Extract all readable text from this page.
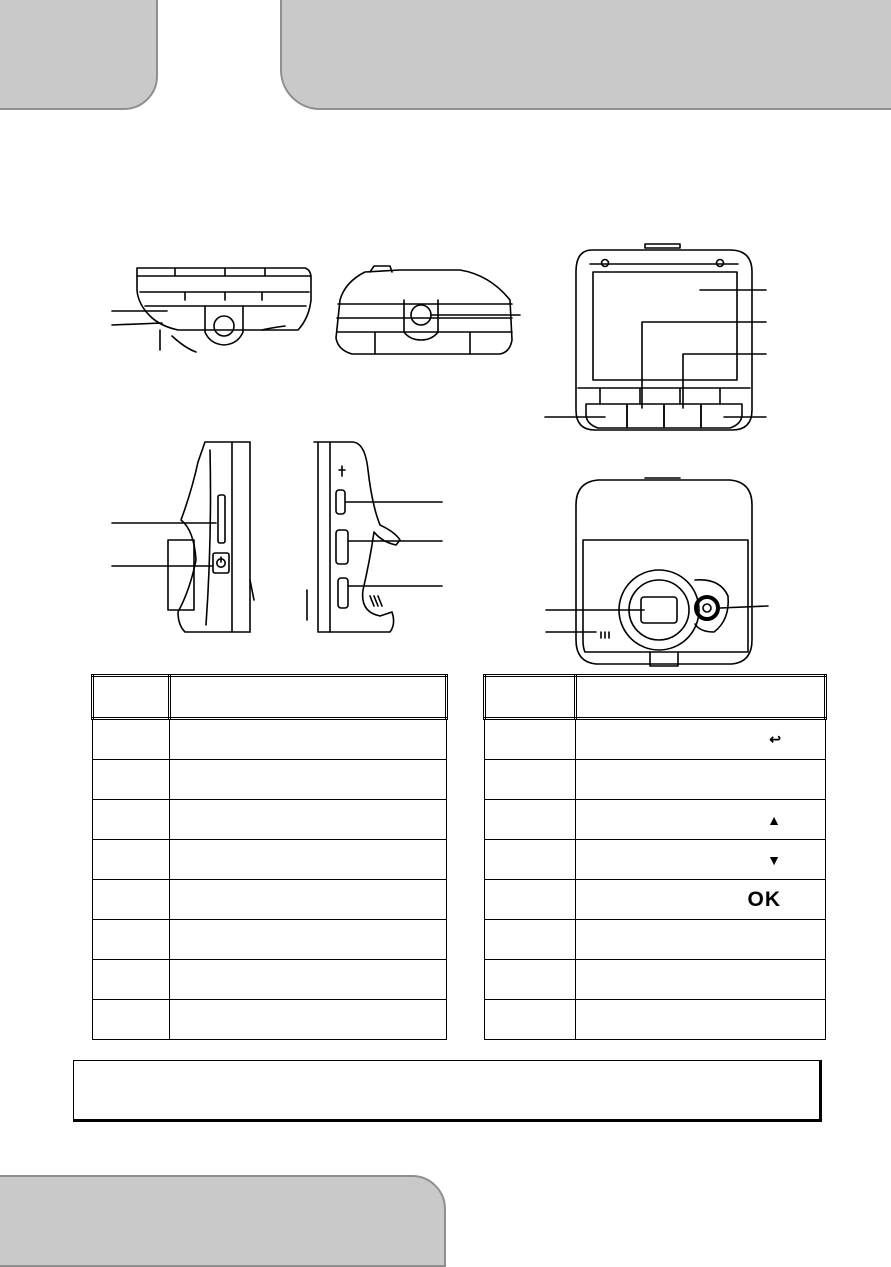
	↩

	▲
	▼
	OK
